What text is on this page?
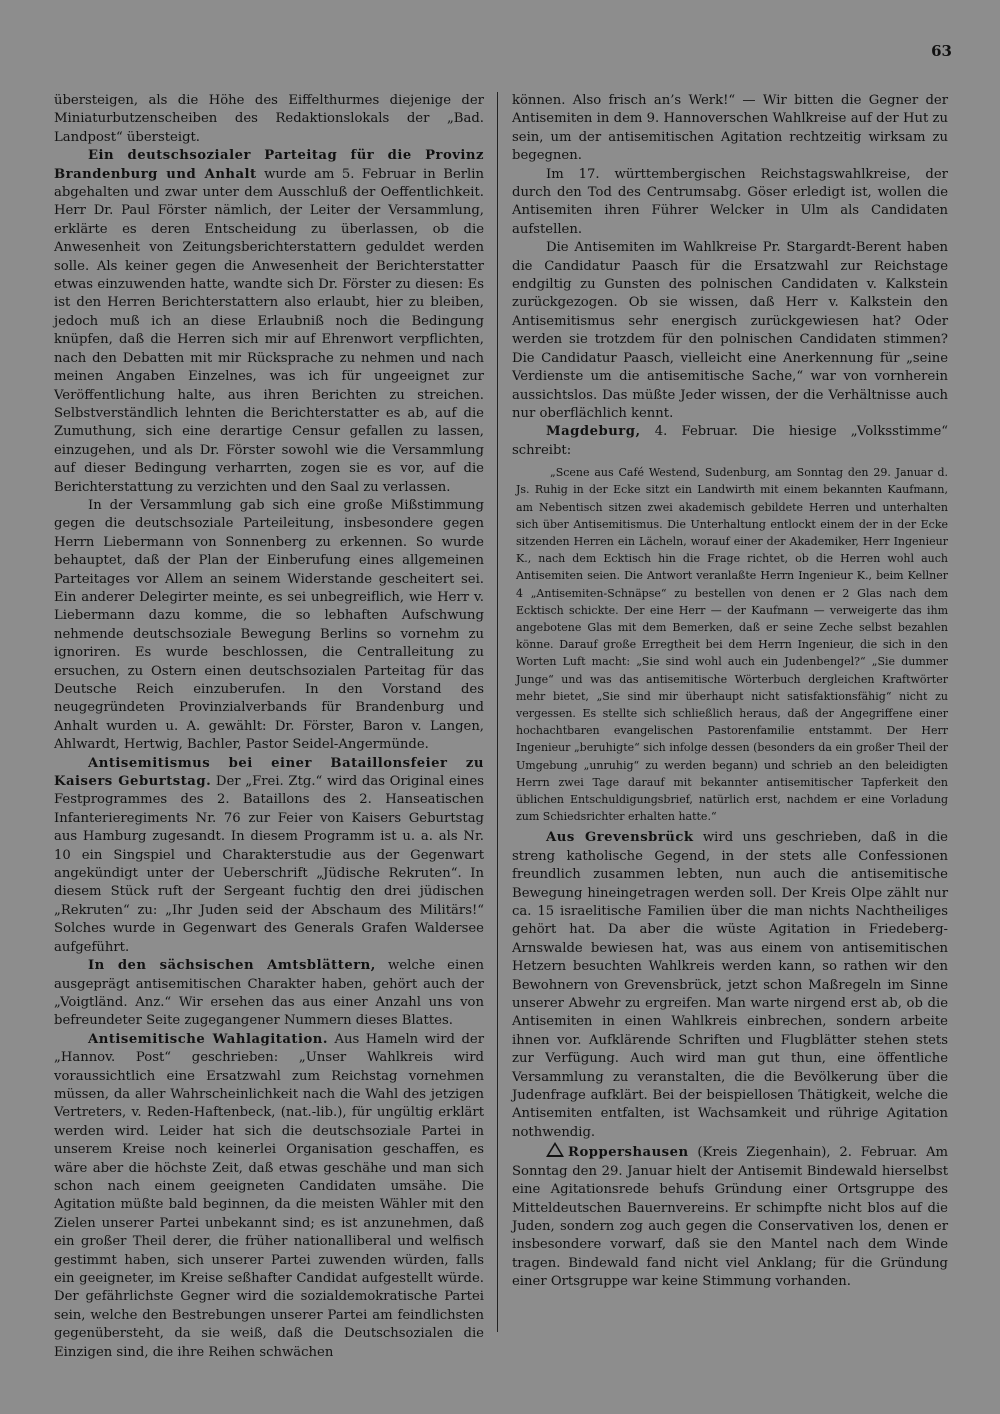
63

übersteigen, als die Höhe des Eiffelthurmes diejenige der Miniaturbutzenscheiben des Redaktionslokals der „Bad. Landpost“ übersteigt.

Ein deutschsozialer Parteitag für die Provinz Brandenburg und Anhalt wurde am 5. Februar in Berlin abgehalten und zwar unter dem Ausschluß der Oeffentlichkeit. Herr Dr. Paul Förster nämlich, der Leiter der Versammlung, erklärte es deren Entscheidung zu überlassen, ob die Anwesenheit von Zeitungsberichterstattern geduldet werden solle. Als keiner gegen die Anwesenheit der Berichterstatter etwas einzuwenden hatte, wandte sich Dr. Förster zu diesen: Es ist den Herren Berichterstattern also erlaubt, hier zu bleiben, jedoch muß ich an diese Erlaubniß noch die Bedingung knüpfen, daß die Herren sich mir auf Ehrenwort verpflichten, nach den Debatten mit mir Rücksprache zu nehmen und nach meinen Angaben Einzelnes, was ich für ungeeignet zur Veröffentlichung halte, aus ihren Berichten zu streichen. Selbstverständlich lehnten die Berichterstatter es ab, auf die Zumuthung, sich eine derartige Censur gefallen zu lassen, einzugehen, und als Dr. Förster sowohl wie die Versammlung auf dieser Bedingung verharrten, zogen sie es vor, auf die Berichterstattung zu verzichten und den Saal zu verlassen.

In der Versammlung gab sich eine große Mißstimmung gegen die deutschsoziale Parteileitung, insbesondere gegen Herrn Liebermann von Sonnenberg zu erkennen. So wurde behauptet, daß der Plan der Einberufung eines allgemeinen Parteitages vor Allem an seinem Widerstande gescheitert sei. Ein anderer Delegirter meinte, es sei unbegreiflich, wie Herr v. Liebermann dazu komme, die so lebhaften Aufschwung nehmende deutschsoziale Bewegung Berlins so vornehm zu ignoriren. Es wurde beschlossen, die Centralleitung zu ersuchen, zu Ostern einen deutschsozialen Parteitag für das Deutsche Reich einzuberufen. In den Vorstand des neugegründeten Provinzialverbands für Brandenburg und Anhalt wurden u. A. gewählt: Dr. Förster, Baron v. Langen, Ahlwardt, Hertwig, Bachler, Pastor Seidel-Angermünde.

Antisemitismus bei einer Bataillonsfeier zu Kaisers Geburtstag. Der „Frei. Ztg.“ wird das Original eines Festprogrammes des 2. Bataillons des 2. Hanseatischen Infanterieregiments Nr. 76 zur Feier von Kaisers Geburtstag aus Hamburg zugesandt. In diesem Programm ist u. a. als Nr. 10 ein Singspiel und Charakterstudie aus der Gegenwart angekündigt unter der Ueberschrift „Jüdische Rekruten“. In diesem Stück ruft der Sergeant fuchtig den drei jüdischen „Rekruten“ zu: „Ihr Juden seid der Abschaum des Militärs!“ Solches wurde in Gegenwart des Generals Grafen Waldersee aufgeführt.

In den sächsischen Amtsblättern, welche einen ausgeprägt antisemitischen Charakter haben, gehört auch der „Voigtländ. Anz.“ Wir ersehen das aus einer Anzahl uns von befreundeter Seite zugegangener Nummern dieses Blattes.

Antisemitische Wahlagitation. Aus Hameln wird der „Hannov. Post“ geschrieben: „Unser Wahlkreis wird voraussichtlich eine Ersatzwahl zum Reichstag vornehmen müssen, da aller Wahrscheinlichkeit nach die Wahl des jetzigen Vertreters, v. Reden-Haftenbeck, (nat.-lib.), für ungültig erklärt werden wird. Leider hat sich die deutschsoziale Partei in unserem Kreise noch keinerlei Organisation geschaffen, es wäre aber die höchste Zeit, daß etwas geschähe und man sich schon nach einem geeigneten Candidaten umsähe. Die Agitation müßte bald beginnen, da die meisten Wähler mit den Zielen unserer Partei unbekannt sind; es ist anzunehmen, daß ein großer Theil derer, die früher nationalliberal und welfisch gestimmt haben, sich unserer Partei zuwenden würden, falls ein geeigneter, im Kreise seßhafter Candidat aufgestellt würde. Der gefährlichste Gegner wird die sozialdemokratische Partei sein, welche den Bestrebungen unserer Partei am feindlichsten gegenübersteht, da sie weiß, daß die Deutschsozialen die Einzigen sind, die ihre Reihen schwächen

können. Also frisch an’s Werk!“ — Wir bitten die Gegner der Antisemiten in dem 9. Hannoverschen Wahlkreise auf der Hut zu sein, um der antisemitischen Agitation rechtzeitig wirksam zu begegnen.

Im 17. württembergischen Reichstagswahlkreise, der durch den Tod des Centrumsabg. Göser erledigt ist, wollen die Antisemiten ihren Führer Welcker in Ulm als Candidaten aufstellen.

Die Antisemiten im Wahlkreise Pr. Stargardt-Berent haben die Candidatur Paasch für die Ersatzwahl zur Reichstage endgiltig zu Gunsten des polnischen Candidaten v. Kalkstein zurückgezogen. Ob sie wissen, daß Herr v. Kalkstein den Antisemitismus sehr energisch zurückgewiesen hat? Oder werden sie trotzdem für den polnischen Candidaten stimmen? Die Candidatur Paasch, vielleicht eine Anerkennung für „seine Verdienste um die antisemitische Sache,“ war von vornherein aussichtslos. Das müßte Jeder wissen, der die Verhältnisse auch nur oberflächlich kennt.

Magdeburg, 4. Februar. Die hiesige „Volksstimme“ schreibt:

„Scene aus Café Westend, Sudenburg, am Sonntag den 29. Januar d. Js. Ruhig in der Ecke sitzt ein Landwirth mit einem bekannten Kaufmann, am Nebentisch sitzen zwei akademisch gebildete Herren und unterhalten sich über Antisemitismus. Die Unterhaltung entlockt einem der in der Ecke sitzenden Herren ein Lächeln, worauf einer der Akademiker, Herr Ingenieur K., nach dem Ecktisch hin die Frage richtet, ob die Herren wohl auch Antisemiten seien. Die Antwort veranlaßte Herrn Ingenieur K., beim Kellner 4 „Antisemiten-Schnäpse“ zu bestellen von denen er 2 Glas nach dem Ecktisch schickte. Der eine Herr — der Kaufmann — verweigerte das ihm angebotene Glas mit dem Bemerken, daß er seine Zeche selbst bezahlen könne. Darauf große Erregtheit bei dem Herrn Ingenieur, die sich in den Worten Luft macht: „Sie sind wohl auch ein Judenbengel?“ „Sie dummer Junge“ und was das antisemitische Wörterbuch dergleichen Kraftwörter mehr bietet, „Sie sind mir überhaupt nicht satisfaktionsfähig“ nicht zu vergessen. Es stellte sich schließlich heraus, daß der Angegriffene einer hochachtbaren evangelischen Pastorenfamilie entstammt. Der Herr Ingenieur „beruhigte“ sich infolge dessen (besonders da ein großer Theil der Umgebung „unruhig“ zu werden begann) und schrieb an den beleidigten Herrn zwei Tage darauf mit bekannter antisemitischer Tapferkeit den üblichen Entschuldigungsbrief, natürlich erst, nachdem er eine Vorladung zum Schiedsrichter erhalten hatte.“

Aus Grevensbrück wird uns geschrieben, daß in die streng katholische Gegend, in der stets alle Confessionen freundlich zusammen lebten, nun auch die antisemitische Bewegung hineingetragen werden soll. Der Kreis Olpe zählt nur ca. 15 israelitische Familien über die man nichts Nachtheiliges gehört hat. Da aber die wüste Agitation in Friedeberg-Arnswalde bewiesen hat, was aus einem von antisemitischen Hetzern besuchten Wahlkreis werden kann, so rathen wir den Bewohnern von Grevensbrück, jetzt schon Maßregeln im Sinne unserer Abwehr zu ergreifen. Man warte nirgend erst ab, ob die Antisemiten in einen Wahlkreis einbrechen, sondern arbeite ihnen vor. Aufklärende Schriften und Flugblätter stehen stets zur Verfügung. Auch wird man gut thun, eine öffentliche Versammlung zu veranstalten, die die Bevölkerung über die Judenfrage aufklärt. Bei der beispiellosen Thätigkeit, welche die Antisemiten entfalten, ist Wachsamkeit und rührige Agitation nothwendig.

Roppershausen (Kreis Ziegenhain), 2. Februar. Am Sonntag den 29. Januar hielt der Antisemit Bindewald hierselbst eine Agitationsrede behufs Gründung einer Ortsgruppe des Mitteldeutschen Bauernvereins. Er schimpfte nicht blos auf die Juden, sondern zog auch gegen die Conservativen los, denen er insbesondere vorwarf, daß sie den Mantel nach dem Winde tragen. Bindewald fand nicht viel Anklang; für die Gründung einer Ortsgruppe war keine Stimmung vorhanden.
